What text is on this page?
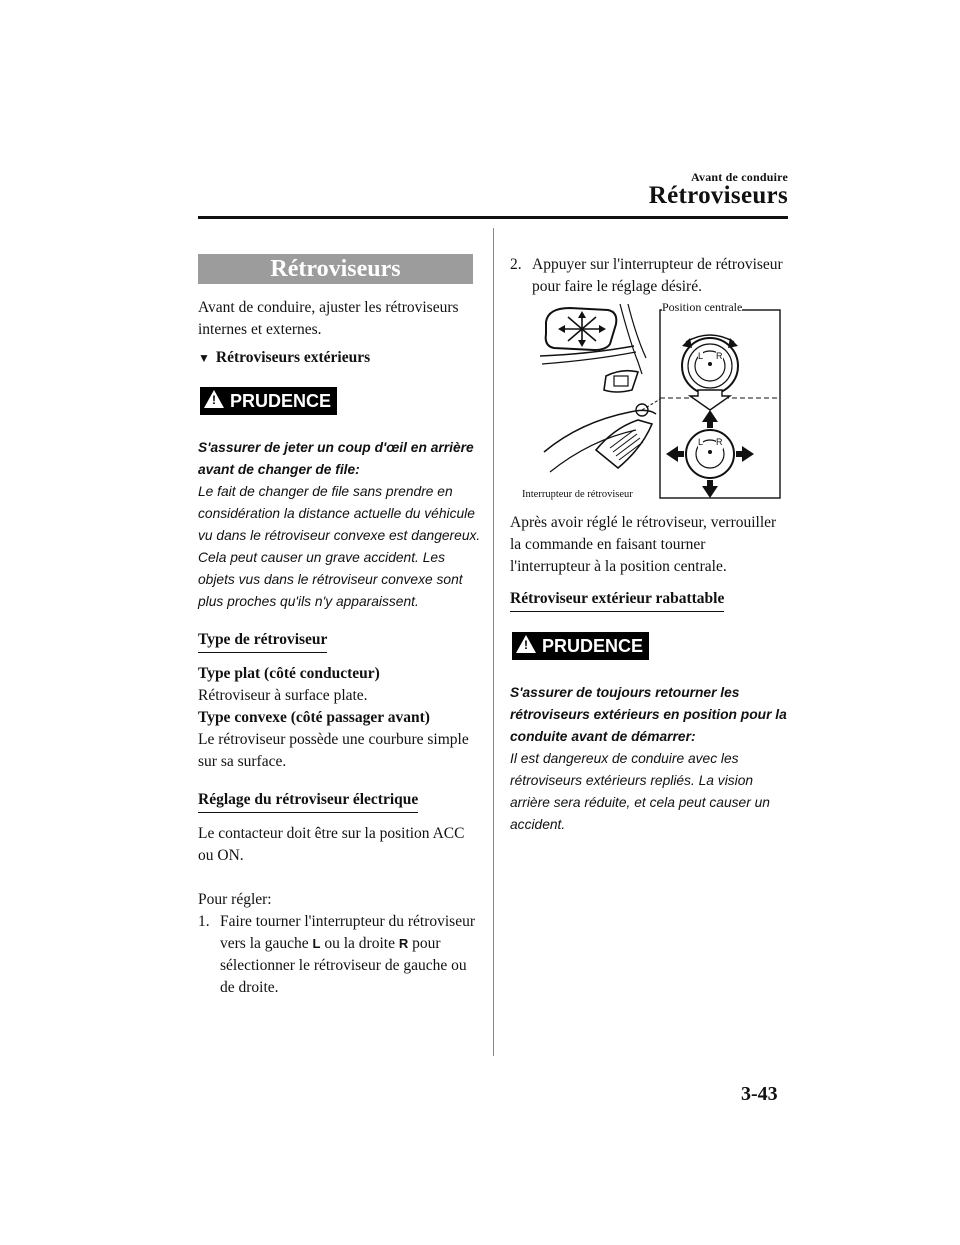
Avant de conduire
Rétroviseurs
Rétroviseurs

Avant de conduire, ajuster les rétroviseurs internes et externes.

▼ Rétroviseurs extérieurs
! PRUDENCE

S'assurer de jeter un coup d'œil en arrière avant de changer de file:

Le fait de changer de file sans prendre en considération la distance actuelle du véhicule vu dans le rétroviseur convexe est dangereux. Cela peut causer un grave accident. Les objets vus dans le rétroviseur convexe sont plus proches qu'ils n'y apparaissent.

Type de rétroviseur

Type plat (côté conducteur)

Rétroviseur à surface plate.

Type convexe (côté passager avant)

Le rétroviseur possède une courbure simple sur sa surface.

Réglage du rétroviseur électrique

Le contacteur doit être sur la position ACC ou ON.

Pour régler:

1. Faire tourner l'interrupteur du rétroviseur vers la gauche L ou la droite R pour sélectionner le rétroviseur de gauche ou de droite.
2. Appuyer sur l'interrupteur de rétroviseur pour faire le réglage désiré.
Position centrale
L R
L R
Interrupteur de rétroviseur

Après avoir réglé le rétroviseur, verrouiller la commande en faisant tourner l'interrupteur à la position centrale.

Rétroviseur extérieur rabattable
! PRUDENCE

S'assurer de toujours retourner les rétroviseurs extérieurs en position pour la conduite avant de démarrer:

Il est dangereux de conduire avec les rétroviseurs extérieurs repliés. La vision arrière sera réduite, et cela peut causer un accident.

3-43
